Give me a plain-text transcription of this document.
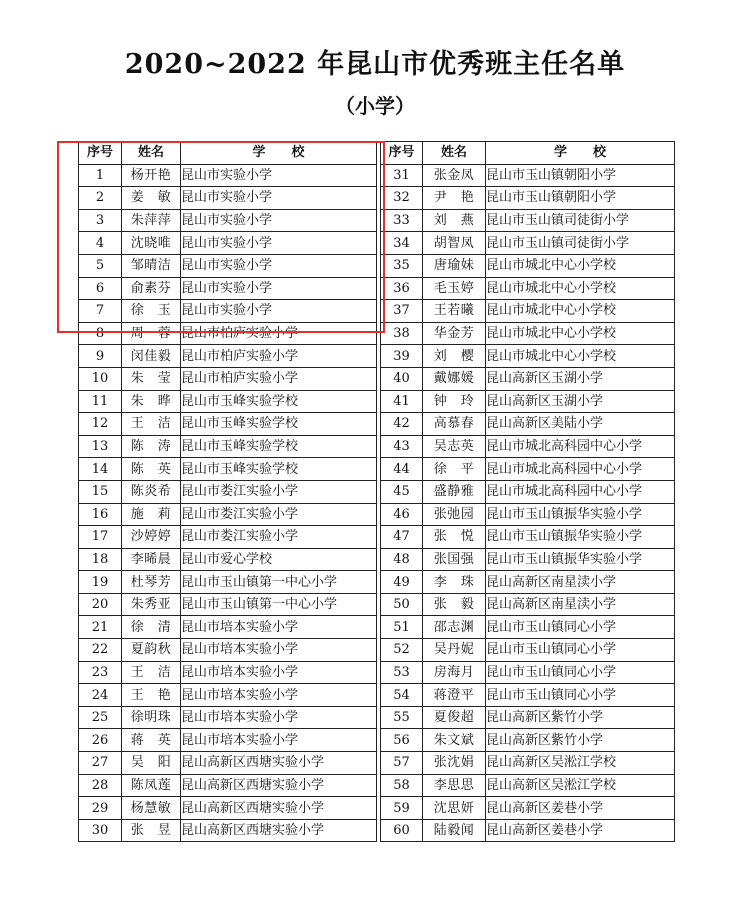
2020~2022 年昆山市优秀班主任名单
（小学）
序号	姓名	学　　校		序号	姓名	学　　校
1	杨开艳	昆山市实验小学		31	张金凤	昆山市玉山镇朝阳小学
2	姜　敏	昆山市实验小学		32	尹　艳	昆山市玉山镇朝阳小学
3	朱萍萍	昆山市实验小学		33	刘　燕	昆山市玉山镇司徒街小学
4	沈晓唯	昆山市实验小学		34	胡智凤	昆山市玉山镇司徒街小学
5	邹晴洁	昆山市实验小学		35	唐瑜妹	昆山市城北中心小学校
6	俞素芬	昆山市实验小学		36	毛玉婷	昆山市城北中心小学校
7	徐　玉	昆山市实验小学		37	王若曦	昆山市城北中心小学校
8	周　蓉	昆山市柏庐实验小学		38	华金芳	昆山市城北中心小学校
9	闵佳毅	昆山市柏庐实验小学		39	刘　樱	昆山市城北中心小学校
10	朱　莹	昆山市柏庐实验小学		40	戴娜媛	昆山高新区玉湖小学
11	朱　晔	昆山市玉峰实验学校		41	钟　玲	昆山高新区玉湖小学
12	王　洁	昆山市玉峰实验学校		42	高慕春	昆山高新区美陆小学
13	陈　涛	昆山市玉峰实验学校		43	吴志英	昆山市城北高科园中心小学
14	陈　英	昆山市玉峰实验学校		44	徐　平	昆山市城北高科园中心小学
15	陈炎希	昆山市娄江实验小学		45	盛静雅	昆山市城北高科园中心小学
16	施　莉	昆山市娄江实验小学		46	张弛园	昆山市玉山镇振华实验小学
17	沙婷婷	昆山市娄江实验小学		47	张　悦	昆山市玉山镇振华实验小学
18	李晞晨	昆山市爱心学校		48	张国强	昆山市玉山镇振华实验小学
19	杜琴芳	昆山市玉山镇第一中心小学		49	李　珠	昆山高新区南星渎小学
20	朱秀亚	昆山市玉山镇第一中心小学		50	张　毅	昆山高新区南星渎小学
21	徐　清	昆山市培本实验小学		51	邵志渊	昆山市玉山镇同心小学
22	夏韵秋	昆山市培本实验小学		52	吴丹妮	昆山市玉山镇同心小学
23	王　洁	昆山市培本实验小学		53	房海月	昆山市玉山镇同心小学
24	王　艳	昆山市培本实验小学		54	蒋澄平	昆山市玉山镇同心小学
25	徐明珠	昆山市培本实验小学		55	夏俊超	昆山高新区紫竹小学
26	蒋　英	昆山市培本实验小学		56	朱文斌	昆山高新区紫竹小学
27	吴　阳	昆山高新区西塘实验小学		57	张沈娟	昆山高新区吴淞江学校
28	陈凤莲	昆山高新区西塘实验小学		58	李思思	昆山高新区吴淞江学校
29	杨慧敏	昆山高新区西塘实验小学		59	沈思妍	昆山高新区姜巷小学
30	张　昱	昆山高新区西塘实验小学		60	陆毅闻	昆山高新区姜巷小学
